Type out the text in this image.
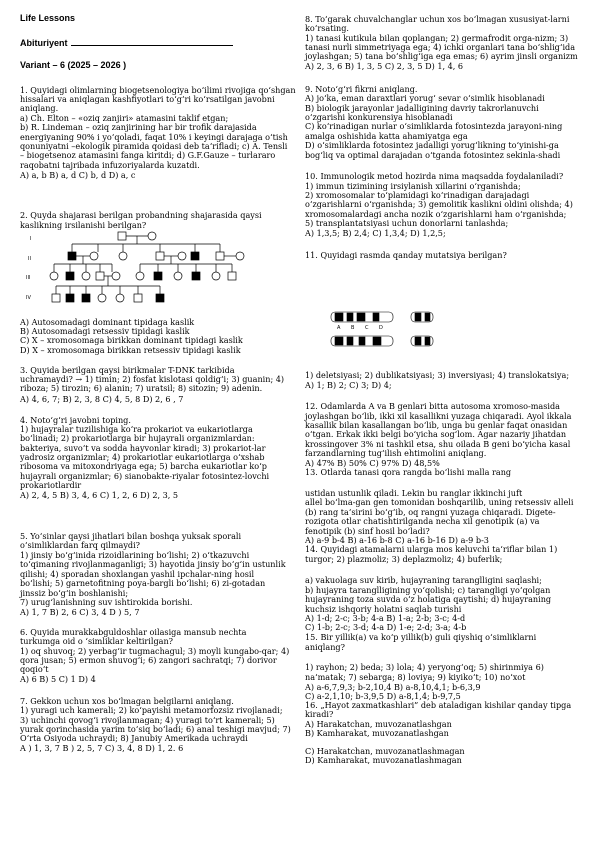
Life Lessons
Abituriyent
Variant – 6 (2025 – 2026 )
1. Quyidagi olimlarning biogetsenologiya boʻilimi rivojiga qoʻshgan
hissalari va aniqlagan kashfiyotlari toʻgʻri koʻrsatilgan javobni
aniqlang.
a) Ch. Elton – «oziq zanjiri» atamasini taklif etgan;
b) R. Lindeman – oziq zanjirining har bir trofik darajasida
energiyaning 90% i yoʻqoladi, faqat 10% i keyingi darajaga oʻtish
qonuniyatni –ekologik piramida qoidasi deb taʻrifladi; c) A. Tensli
– biogetsenoz atamasini fanga kiritdi; d) G.F.Gauze – turlararo
raqobatni tajribada infuzoriyalarda kuzatdi.
A) a, b B) a, d C) b, d D) a, c
2. Quyda shajarasi berilgan probandning shajarasida qaysi
kaslikning irsilanishi berilgan?
A) Autosomadagi dominant tipidaga kaslik
B) Autosomadagi retsessiv tipidagi kaslik
C) X – xromosomaga birikkan dominant tipidagi kaslik
D) X – xromosomaga birikkan retsessiv tipidagi kaslik
3. Quyida berilgan qaysi birikmalar T-DNK tarkibida
uchramaydi? → 1) timin; 2) fosfat kislotasi qoldigʻi; 3) guanin; 4)
riboza; 5) tirozin; 6) alanin; 7) uratsil; 8) sitozin; 9) adenin.
A) 4, 6, 7; B) 2, 3, 8 C) 4, 5, 8 D) 2, 6 , 7
4. Notoʻgʻri javobni toping.
1) hujayralar tuzilishiga koʻra prokariot va eukariotlarga
boʻlinadi; 2) prokariotlarga bir hujayrali organizmlardan:
bakteriya, suvoʻt va sodda hayvonlar kiradi; 3) prokariot-lar
yadrosiz organizmlar; 4) prokariotlar eukariotlarga oʻxshab
ribosoma va mitoxondriyaga ega; 5) barcha eukariotlar koʻp
hujayrali organizmlar; 6) sianobakte-riyalar fotosintez-lovchi
prokariotlardir
A) 2, 4, 5 B) 3, 4, 6 C) 1, 2, 6 D) 2, 3, 5
5. Yoʻsinlar qaysi jihatlari bilan boshqa yuksak sporali
oʻsimliklardan farq qilmaydi?
1) jinsiy boʻgʻinida rizoidlarining boʻlishi; 2) oʻtkazuvchi
toʻqimaning rivojlanmaganligi; 3) hayotida jinsiy boʻgʻin ustunlik
qilishi; 4) sporadan shoxlangan yashil ipchalar-ning hosil
boʻlishi; 5) garnetofitning poya-bargli boʻlishi; 6) zi-gotadan
jinssiz boʻgʻin boshlanishi;
7) urugʻlanishning suv ishtirokida borishi.
A) 1, 7 B) 2, 6 C) 3, 4 D ) 5, 7
6. Quyida murakkabguldoshlar oilasiga mansub nechta
turkumga oid o ʻsimliklar keltirilgan?
1) oq shuvoq; 2) yerbagʻir tugmachagul; 3) moyli kungabo-qar; 4)
qora jusan; 5) ermon shuvogʻi; 6) zangori sachratqi; 7) dorivor
qoqioʻt
A) 6 B) 5 C) 1 D) 4
7. Gekkon uchun xos boʻlmagan belgilarni aniqlang.
1) yuragi uch kamerali; 2) koʻpayishi metamorfozsiz rivojlanadi;
3) uchinchi qovogʻi rivojlanmagan; 4) yuragi toʻrt kamerali; 5)
yurak qorinchasida yarim toʻsiq boʻladi; 6) anal teshigi mavjud; 7)
Oʻrta Osiyoda uchraydi; 8) Janubiy Amerikada uchraydi
A ) 1, 3, 7 B ) 2, 5, 7 C) 3, 4, 8 D) 1, 2. 6
I
II
III
IV
8. Toʻgarak chuvalchanglar uchun xos boʻlmagan xususiyat-larni
koʻrsating.
1) tanasi kutikula bilan qoplangan; 2) germafrodit orga-nizm; 3)
tanasi nurli simmetriyaga ega; 4) ichki organlari tana boʻshligʻida
joylashgan; 5) tana boʻshligʻiga ega emas; 6) ayrim jinsli organizm
A) 2, 3, 6 B) 1, 3, 5 C) 2, 3, 5 D) 1, 4, 6
9. Notoʻgʻri fikrni aniqlang.
A) joʻka, eman daraxtlari yorugʻ sevar oʻsimlik hisoblanadi
B) biologik jarayonlar jadalligining davriy takrorlanuvchi
oʻzgarishi konkurensiya hisoblanadi
C) koʻrinadigan nurlar oʻsimliklarda fotosintezda jarayoni-ning
amalga oshishida katta ahamiyatga ega
D) oʻsimliklarda fotosintez jadalligi yorugʻlikning toʻyinishi-ga
bogʻliq va optimal darajadan oʻtganda fotosintez sekinla-shadi
10. Immunologik metod hozirda nima maqsadda foydalaniladi?
1) immun tizimining irsiylanish xillarini oʻrganishda;
2) xromosomalar toʻplamidagi koʻrinadigan darajadagi
oʻzgarishlarni oʻrganishda; 3) gemolitik kaslikni oldini olishda; 4)
xromosomalardagi ancha nozik oʻzgarishlarni ham oʻrganishda;
5) transplantatsiyasi uchun donorlarni tanlashda;
A) 1,3,5; B) 2,4; C) 1,3,4; D) 1,2,5;
11. Quyidagi rasmda qanday mutatsiya berilgan?
1) deletsiyasi; 2) dublikatsiyasi; 3) inversiyasi; 4) translokatsiya;
A) 1; B) 2; C) 3; D) 4;
12. Odamlarda A va B genlari bitta autosoma xromoso-masida
joylashgan boʻlib, ikki xil kasallikni yuzaga chiqaradi. Ayol ikkala
kasallik bilan kasallangan boʻlib, unga bu genlar faqat onasidan
oʻtgan. Erkak ikki belgi boʻyicha sogʻlom. Agar nazariy jihatdan
krossingover 3% ni tashkil etsa, shu oilada B geni boʻyicha kasal
farzandlarning tugʻilish ehtimolini aniqlang.
A) 47% B) 50% C) 97% D) 48,5%
13. Otlarda tanasi qora rangda boʻlishi malla rang
ustidan ustunlik qiladi. Lekin bu ranglar ikkinchi juft
allel boʻlma-gan gen tomonidan boshqarilib, uning retsessiv alleli
(b) rang taʻsirini boʻgʻib, oq rangni yuzaga chiqaradi. Digete-
rozigota otlar chatishtirilganda necha xil genotipik (a) va
fenotipik (b) sinf hosil boʻladi?
A) a-9 b-4 B) a-16 b-8 C) a-16 b-16 D) a-9 b-3
14. Quyidagi atamalarni ularga mos keluvchi taʻriflar bilan 1)
turgor; 2) plazmoliz; 3) deplazmoliz; 4) buferlik;
a) vakuolaga suv kirib, hujayraning taranglligini saqlashi;
b) hujayra taranglligining yoʻqolishi; c) tarangligi yoʻqolgan
hujayraning toza suvda oʻz holatiga qaytishi; d) hujayraning
kuchsiz ishqoriy holatni saqlab turishi
A) 1-d; 2-c; 3-b; 4-a B) 1-a; 2-b; 3-c; 4-d
C) 1-b; 2-c; 3-d; 4-a D) 1-e; 2-d; 3-a; 4-b
15. Bir yillik(a) va koʻp yillik(b) guli qiyshiq oʻsimliklarni
aniqlang?
1) rayhon; 2) beda; 3) lola; 4) yeryongʻoq; 5) shirinmiya 6)
naʻmatak; 7) sebarga; 8) loviya; 9) kiyikoʻt; 10) noʻxot
A) a-6,7,9,3; b-2,10,4 B) a-8,10,4,1; b-6,3,9
C) a-2,1,10; b-3,9,5 D) a-8,1,4; b-9,7,5
16. „Hayot zaxmatkashlari” deb ataladigan kishilar qanday tipga
kiradi?
A) Harakatchan, muvozanatlashgan
B) Kamharakat, muvozanatlashgan
C) Harakatchan, muvozanatlashmagan
D) Kamharakat, muvozanatlashmagan
A B C D
